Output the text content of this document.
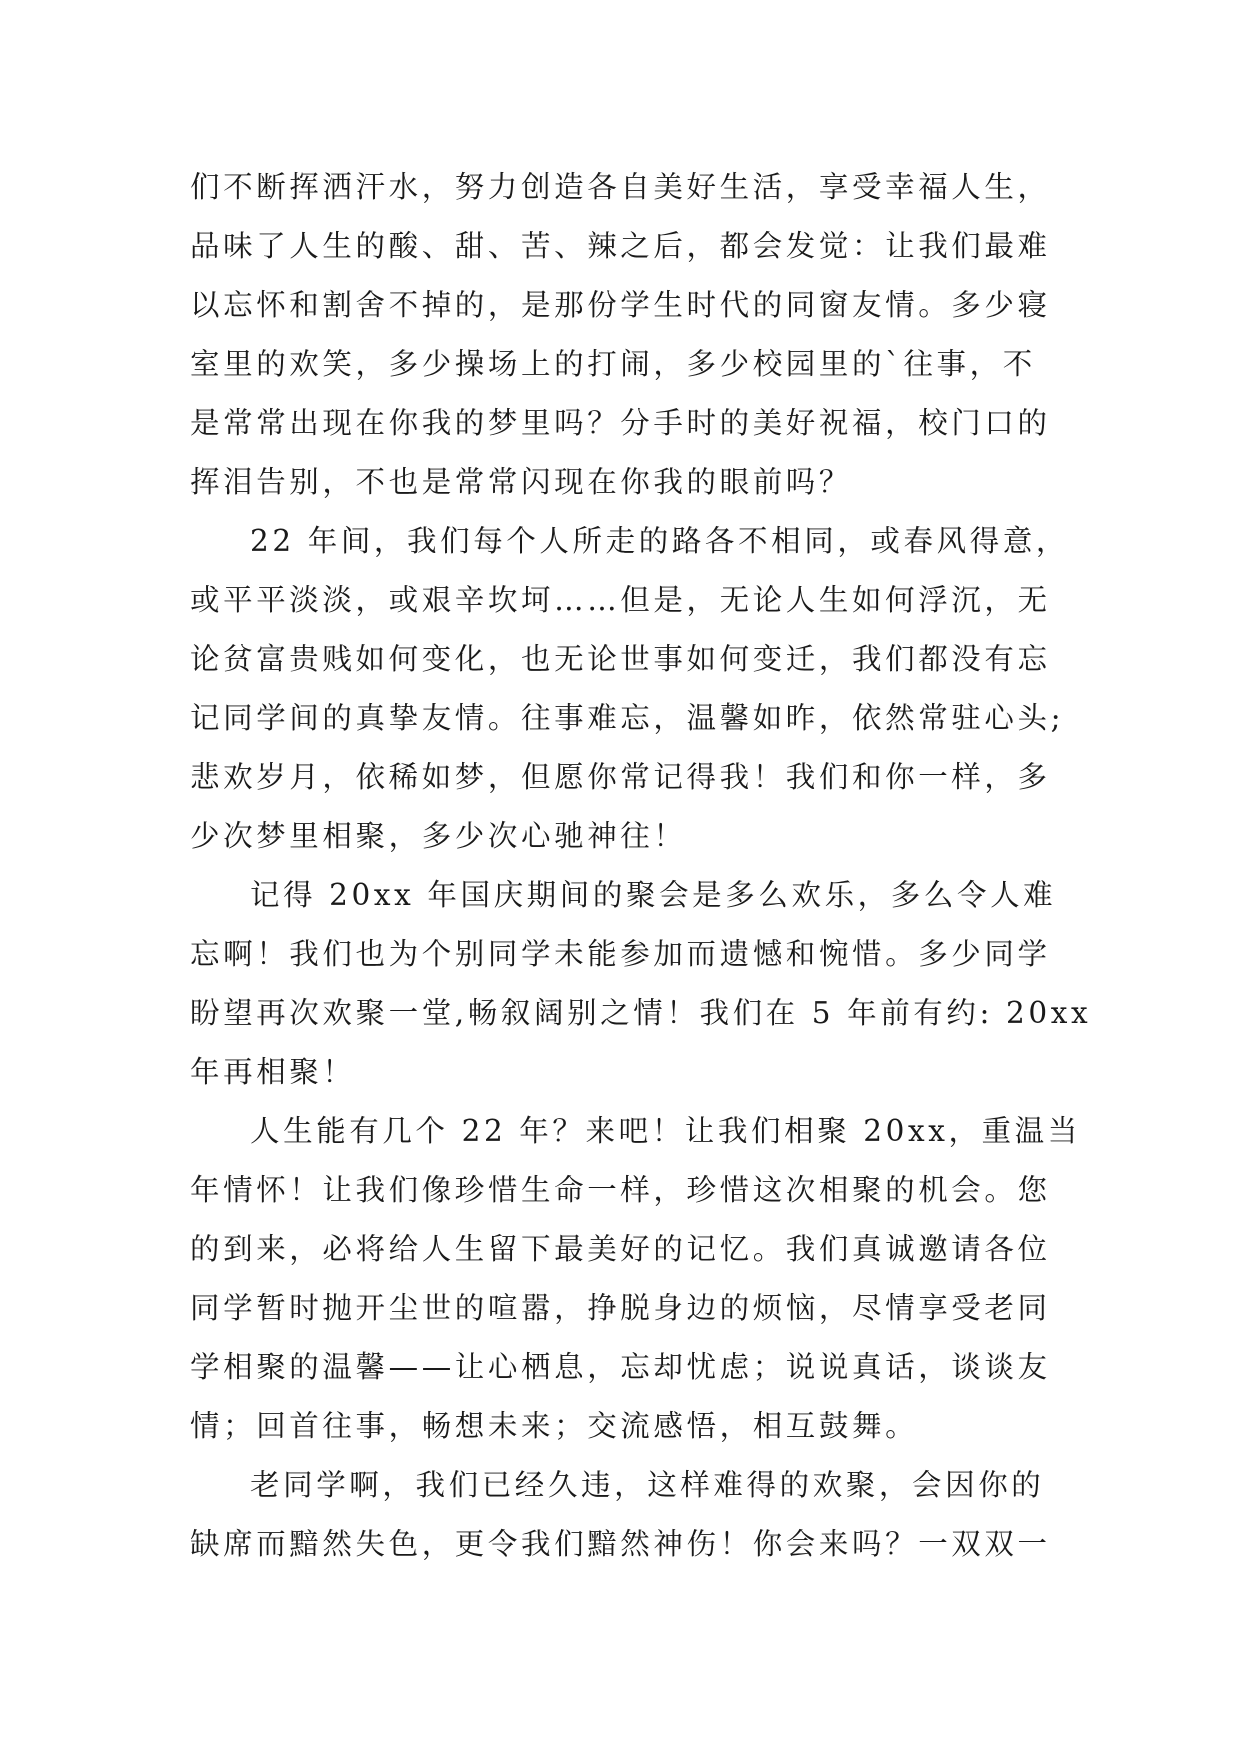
们不断挥洒汗水，努力创造各自美好生活，享受幸福人生，
品味了人生的酸、甜、苦、辣之后，都会发觉：让我们最难
以忘怀和割舍不掉的，是那份学生时代的同窗友情。多少寝
室里的欢笑，多少操场上的打闹，多少校园里的`往事，不
是常常出现在你我的梦里吗？分手时的美好祝福，校门口的
挥泪告别，不也是常常闪现在你我的眼前吗？
22 年间，我们每个人所走的路各不相同，或春风得意，
或平平淡淡，或艰辛坎坷……但是，无论人生如何浮沉，无
论贫富贵贱如何变化，也无论世事如何变迁，我们都没有忘
记同学间的真挚友情。往事难忘，温馨如昨，依然常驻心头;
悲欢岁月，依稀如梦，但愿你常记得我！我们和你一样，多
少次梦里相聚，多少次心驰神往！
记得 20xx 年国庆期间的聚会是多么欢乐，多么令人难
忘啊！我们也为个别同学未能参加而遗憾和惋惜。多少同学
盼望再次欢聚一堂,畅叙阔别之情！我们在 5 年前有约: 20xx
年再相聚！
人生能有几个 22 年？来吧！让我们相聚 20xx，重温当
年情怀！让我们像珍惜生命一样，珍惜这次相聚的机会。您
的到来，必将给人生留下最美好的记忆。我们真诚邀请各位
同学暂时抛开尘世的喧嚣，挣脱身边的烦恼，尽情享受老同
学相聚的温馨——让心栖息，忘却忧虑；说说真话，谈谈友
情；回首往事，畅想未来；交流感悟，相互鼓舞。
老同学啊，我们已经久违，这样难得的欢聚，会因你的
缺席而黯然失色，更令我们黯然神伤！你会来吗？一双双一
